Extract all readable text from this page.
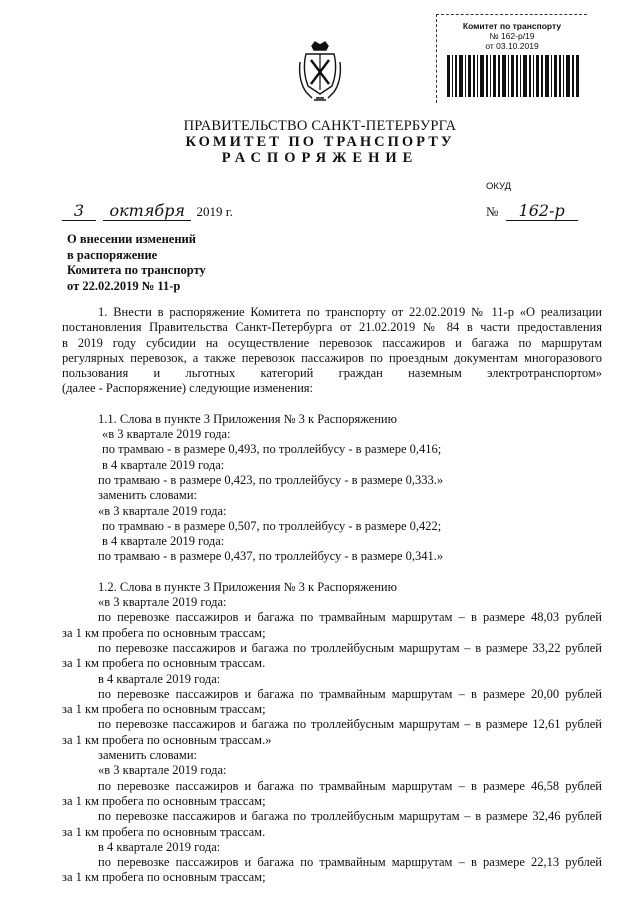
Комитет по транспорту
№ 162-р/19
от 03.10.2019
ПРАВИТЕЛЬСТВО САНКТ-ПЕТЕРБУРГА
КОМИТЕТ ПО ТРАНСПОРТУ
РАСПОРЯЖЕНИЕ
ОКУД
3 октября 2019 г.	№ 162-р
О внесении изменений
в распоряжение
Комитета по транспорту
от 22.02.2019 № 11-р

1. Внести в распоряжение Комитета по транспорту от 22.02.2019 № 11-р «О реализации

постановления Правительства Санкт-Петербурга от 21.02.2019 № 84 в части предоставления

в 2019 году субсидии на осуществление перевозок пассажиров и багажа по маршрутам

регулярных перевозок, а также перевозок пассажиров по проездным документам многоразового

пользования и льготных категорий граждан наземным электротранспортом»

(далее - Распоряжение) следующие изменения:

1.1. Слова в пункте 3 Приложения № 3 к Распоряжению

«в 3 квартале 2019 года:

по трамваю - в размере 0,493, по троллейбусу - в размере 0,416;

в 4 квартале 2019 года:

по трамваю - в размере 0,423, по троллейбусу - в размере 0,333.»

заменить словами:

«в 3 квартале 2019 года:

по трамваю - в размере 0,507, по троллейбусу - в размере 0,422;

в 4 квартале 2019 года:

по трамваю - в размере 0,437, по троллейбусу - в размере 0,341.»

1.2. Слова в пункте 3 Приложения № 3 к Распоряжению

«в 3 квартале 2019 года:

по перевозке пассажиров и багажа по трамвайным маршрутам – в размере 48,03 рублей

за 1 км пробега по основным трассам;

по перевозке пассажиров и багажа по троллейбусным маршрутам – в размере 33,22 рублей

за 1 км пробега по основным трассам.

в 4 квартале 2019 года:

по перевозке пассажиров и багажа по трамвайным маршрутам – в размере 20,00 рублей

за 1 км пробега по основным трассам;

по перевозке пассажиров и багажа по троллейбусным маршрутам – в размере 12,61 рублей

за 1 км пробега по основным трассам.»

заменить словами:

«в 3 квартале 2019 года:

по перевозке пассажиров и багажа по трамвайным маршрутам – в размере 46,58 рублей

за 1 км пробега по основным трассам;

по перевозке пассажиров и багажа по троллейбусным маршрутам – в размере 32,46 рублей

за 1 км пробега по основным трассам.

в 4 квартале 2019 года:

по перевозке пассажиров и багажа по трамвайным маршрутам – в размере 22,13 рублей

за 1 км пробега по основным трассам;
